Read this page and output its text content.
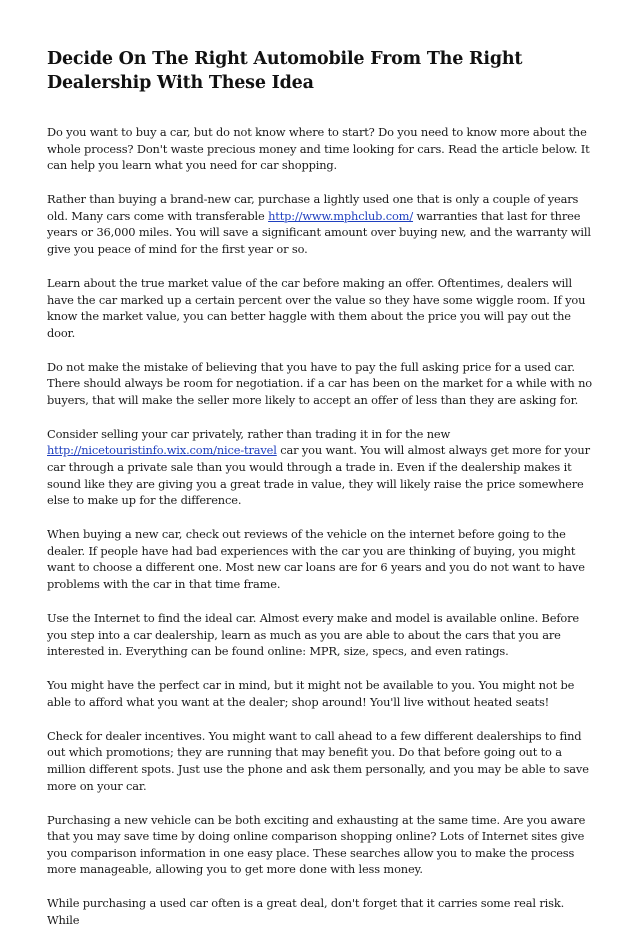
Decide On The Right Automobile From The Right Dealership With These Idea

Do you want to buy a car, but do not know where to start? Do you need to know more about the whole process? Don't waste precious money and time looking for cars. Read the article below. It can help you learn what you need for car shopping.

Rather than buying a brand-new car, purchase a lightly used one that is only a couple of years old. Many cars come with transferable http://www.mphclub.com/ warranties that last for three years or 36,000 miles. You will save a significant amount over buying new, and the warranty will give you peace of mind for the first year or so.

Learn about the true market value of the car before making an offer. Oftentimes, dealers will have the car marked up a certain percent over the value so they have some wiggle room. If you know the market value, you can better haggle with them about the price you will pay out the door.

Do not make the mistake of believing that you have to pay the full asking price for a used car. There should always be room for negotiation. if a car has been on the market for a while with no buyers, that will make the seller more likely to accept an offer of less than they are asking for.

Consider selling your car privately, rather than trading it in for the new http://nicetouristinfo.wix.com/nice-travel car you want. You will almost always get more for your car through a private sale than you would through a trade in. Even if the dealership makes it sound like they are giving you a great trade in value, they will likely raise the price somewhere else to make up for the difference.

When buying a new car, check out reviews of the vehicle on the internet before going to the dealer. If people have had bad experiences with the car you are thinking of buying, you might want to choose a different one. Most new car loans are for 6 years and you do not want to have problems with the car in that time frame.

Use the Internet to find the ideal car. Almost every make and model is available online. Before you step into a car dealership, learn as much as you are able to about the cars that you are interested in. Everything can be found online: MPR, size, specs, and even ratings.

You might have the perfect car in mind, but it might not be available to you. You might not be able to afford what you want at the dealer; shop around! You'll live without heated seats!

Check for dealer incentives. You might want to call ahead to a few different dealerships to find out which promotions; they are running that may benefit you. Do that before going out to a million different spots. Just use the phone and ask them personally, and you may be able to save more on your car.

Purchasing a new vehicle can be both exciting and exhausting at the same time. Are you aware that you may save time by doing online comparison shopping online? Lots of Internet sites give you comparison information in one easy place. These searches allow you to make the process more manageable, allowing you to get more done with less money.

While purchasing a used car often is a great deal, don't forget that it carries some real risk. While
